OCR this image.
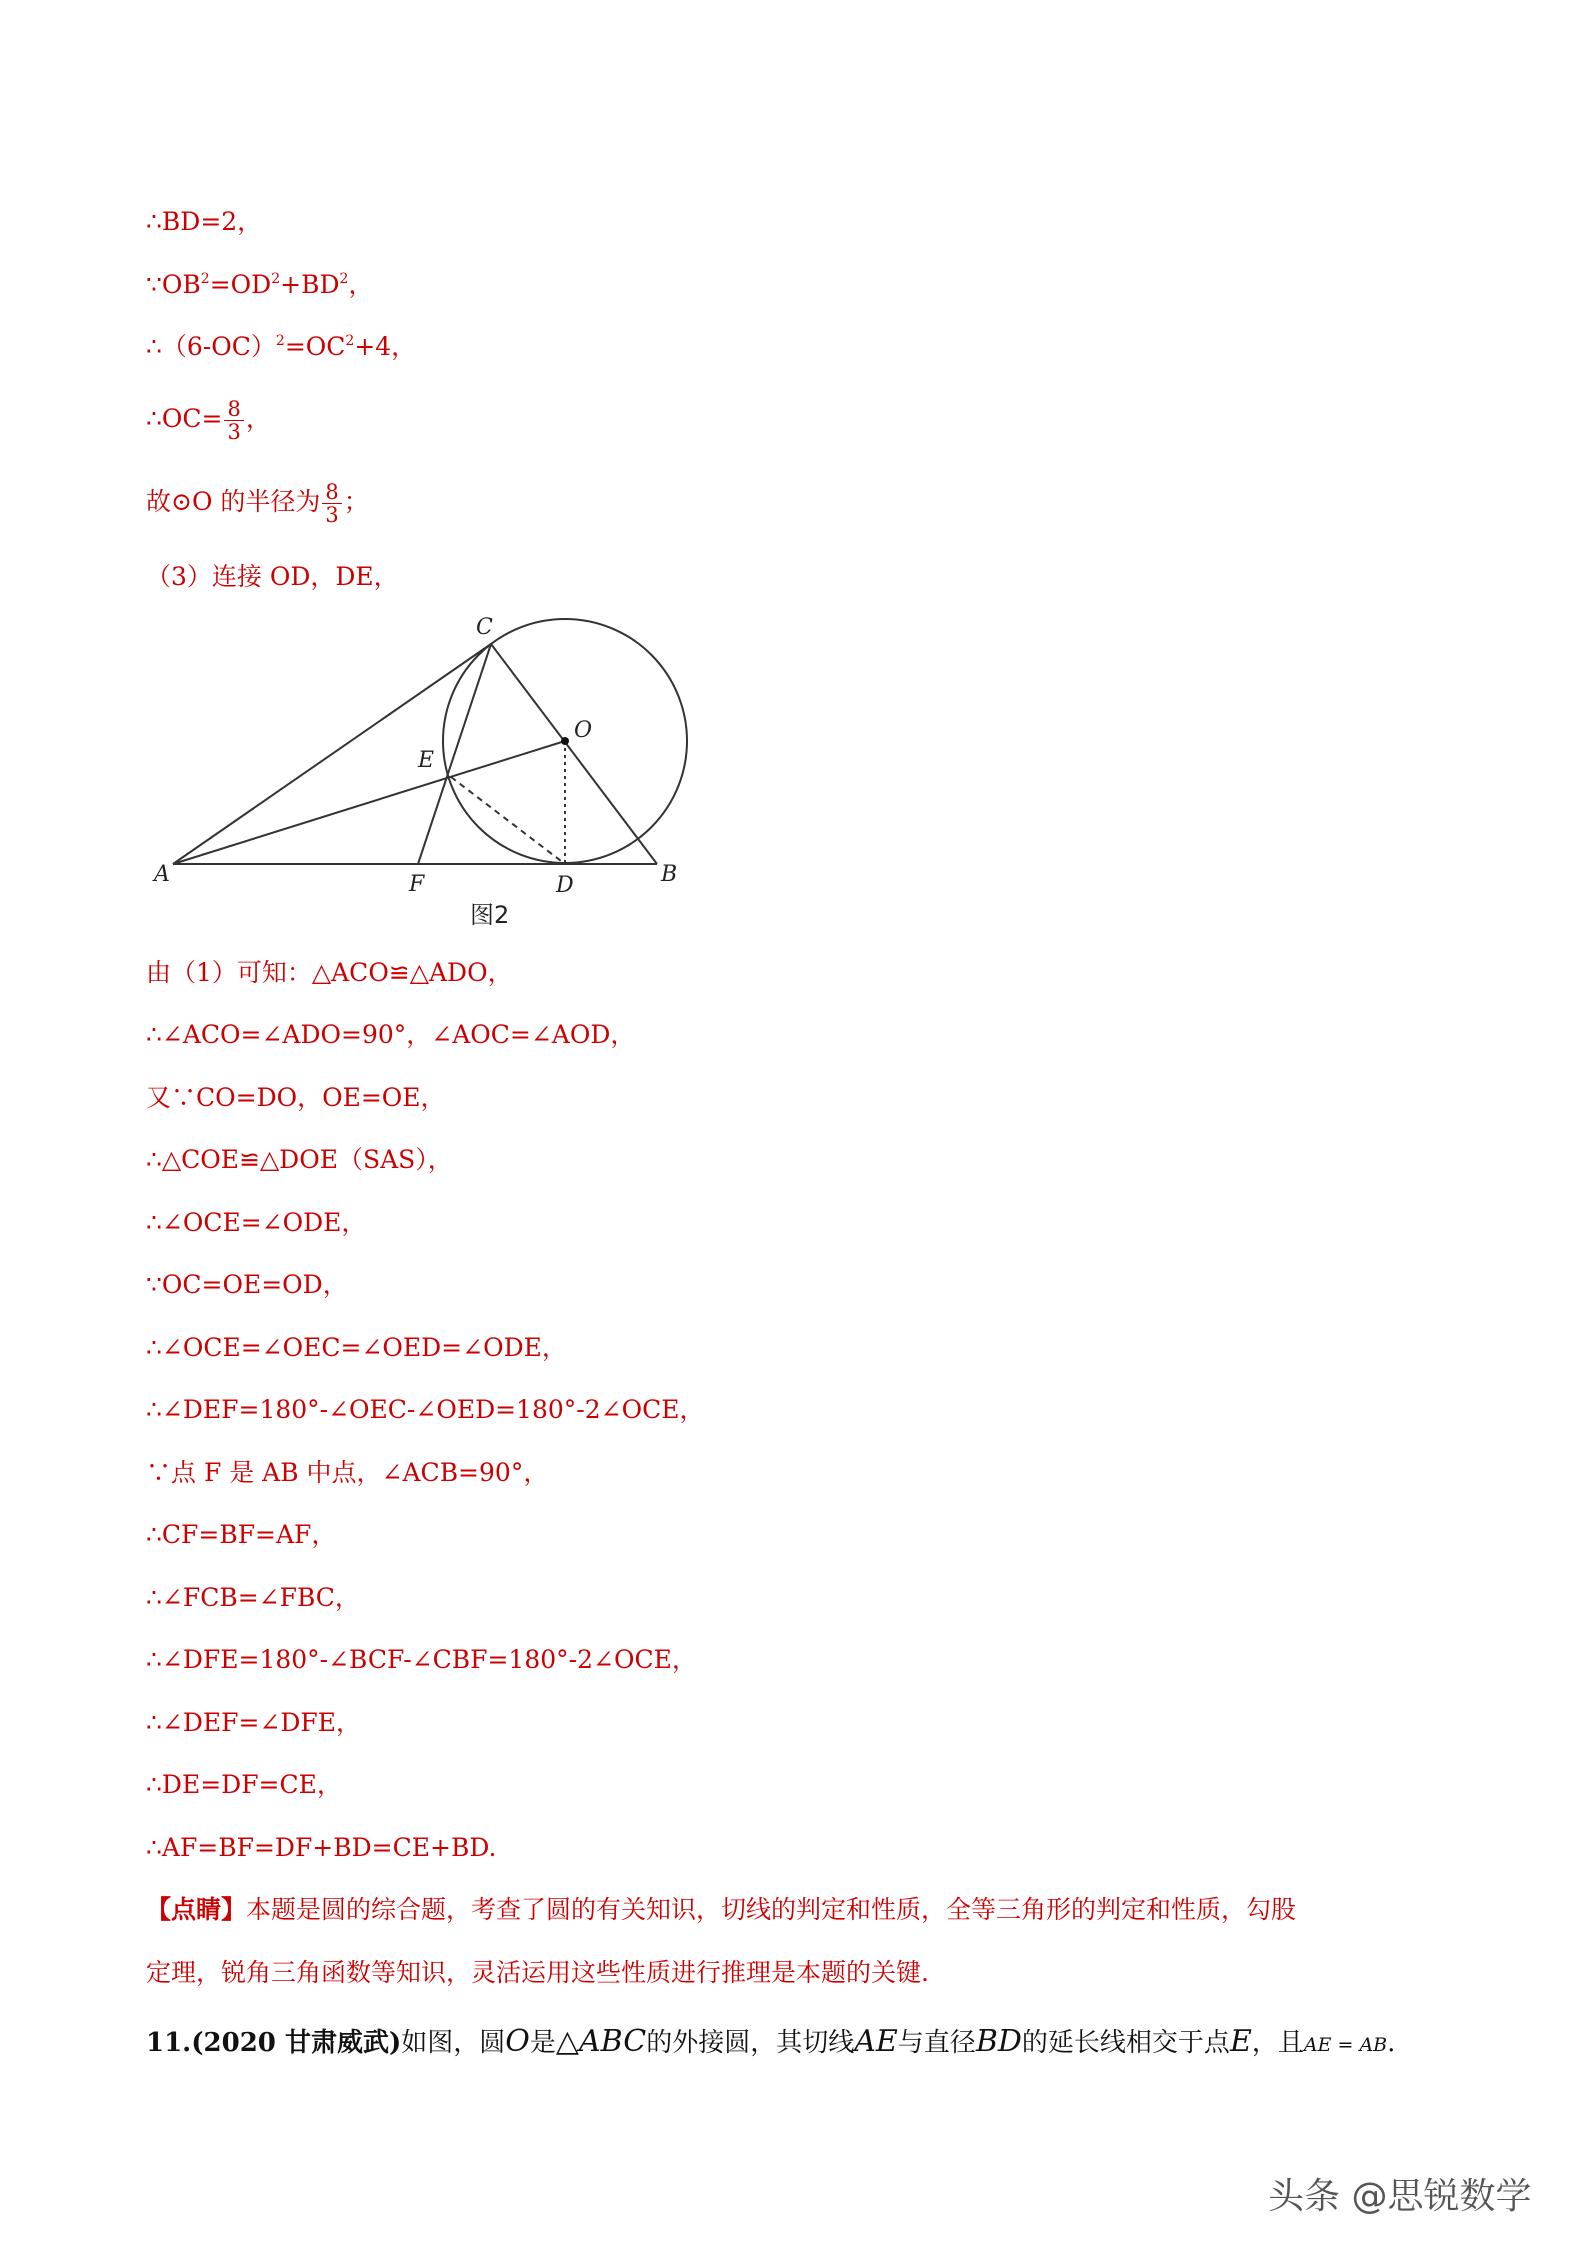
∴BD=2，
$\because OB^2=OD^2+BD^2$，
$\therefore(6-OC)^2=OC^2+4$，
∴OC= $\frac{8}{3}$ ，
故⊙O 的半径为 $\frac{8}{3}$ ；
（3）连接 OD，DE，
C
O
E
A	F	D	B
图2
由（1）可知：△ACO≌△ADO，
∴∠ACO=∠ADO=90°，∠AOC=∠AOD，
又∵CO=DO，OE=OE，
∴△COE≌△DOE（SAS），
∴∠OCE=∠ODE，
∵OC=OE=OD，
∴∠OCE=∠OEC=∠OED=∠ODE，
∴∠DEF=180°-∠OEC-∠OED=180°-2∠OCE，
∵点 F 是 AB 中点，∠ACB=90°，
∴CF=BF=AF，
∴∠FCB=∠FBC，
∴∠DFE=180°-∠BCF-∠CBF=180°-2∠OCE，
∴∠DEF=∠DFE，
∴DE=DF=CE，
∴AF=BF=DF+BD=CE+BD.
【点睛】本题是圆的综合题，考查了圆的有关知识，切线的判定和性质，全等三角形的判定和性质，勾股
定理，锐角三角函数等知识，灵活运用这些性质进行推理是本题的关键.
11.(2020 甘肃威武)如图，圆O是△ABC的外接圆，其切线AE与直径BD的延长线相交于点E，且AE = AB.
头条 @思锐数学
